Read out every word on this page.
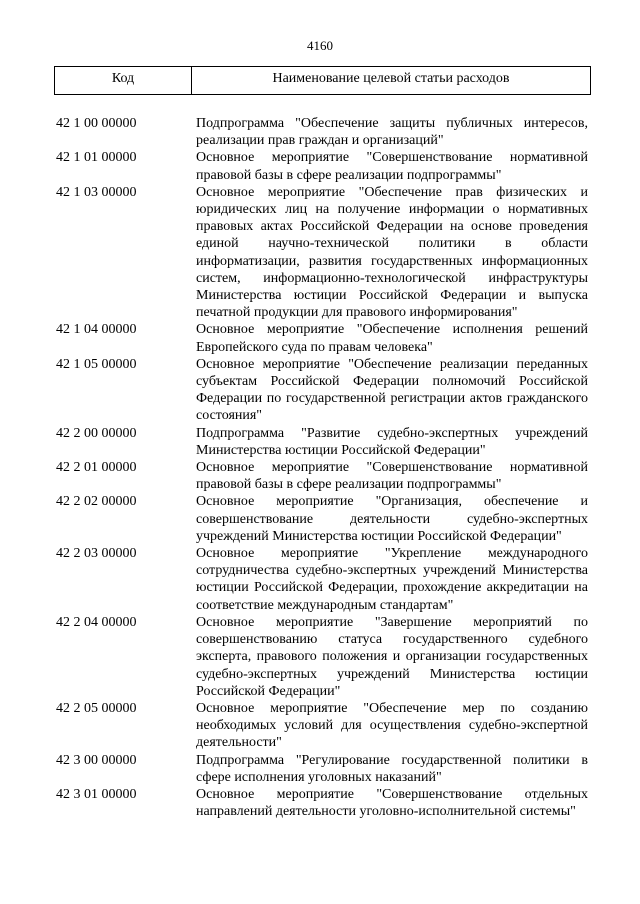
4160
Код	Наименование целевой статьи расходов
42 1 00 00000	Подпрограмма "Обеспечение защиты публичных интересов, реализации прав граждан и организаций"
42 1 01 00000	Основное мероприятие "Совершенствование нормативной правовой базы в сфере реализации подпрограммы"
42 1 03 00000	Основное мероприятие "Обеспечение прав физических и юридических лиц на получение информации о нормативных правовых актах Российской Федерации на основе проведения единой научно-технической политики в области информатизации, развития государственных информационных систем, информационно-технологической инфраструктуры Министерства юстиции Российской Федерации и выпуска печатной продукции для правового информирования"
42 1 04 00000	Основное мероприятие "Обеспечение исполнения решений Европейского суда по правам человека"
42 1 05 00000	Основное мероприятие "Обеспечение реализации переданных субъектам Российской Федерации полномочий Российской Федерации по государственной регистрации актов гражданского состояния"
42 2 00 00000	Подпрограмма "Развитие судебно-экспертных учреждений Министерства юстиции Российской Федерации"
42 2 01 00000	Основное мероприятие "Совершенствование нормативной правовой базы в сфере реализации подпрограммы"
42 2 02 00000	Основное мероприятие "Организация, обеспечение и совершенствование деятельности судебно-экспертных учреждений Министерства юстиции Российской Федерации"
42 2 03 00000	Основное мероприятие "Укрепление международного сотрудничества судебно-экспертных учреждений Министерства юстиции Российской Федерации, прохождение аккредитации на соответствие международным стандартам"
42 2 04 00000	Основное мероприятие "Завершение мероприятий по совершенствованию статуса государственного судебного эксперта, правового положения и организации государственных судебно-экспертных учреждений Министерства юстиции Российской Федерации"
42 2 05 00000	Основное мероприятие "Обеспечение мер по созданию необходимых условий для осуществления судебно-экспертной деятельности"
42 3 00 00000	Подпрограмма "Регулирование государственной политики в сфере исполнения уголовных наказаний"
42 3 01 00000	Основное мероприятие "Совершенствование отдельных направлений деятельности уголовно-исполнительной системы"
